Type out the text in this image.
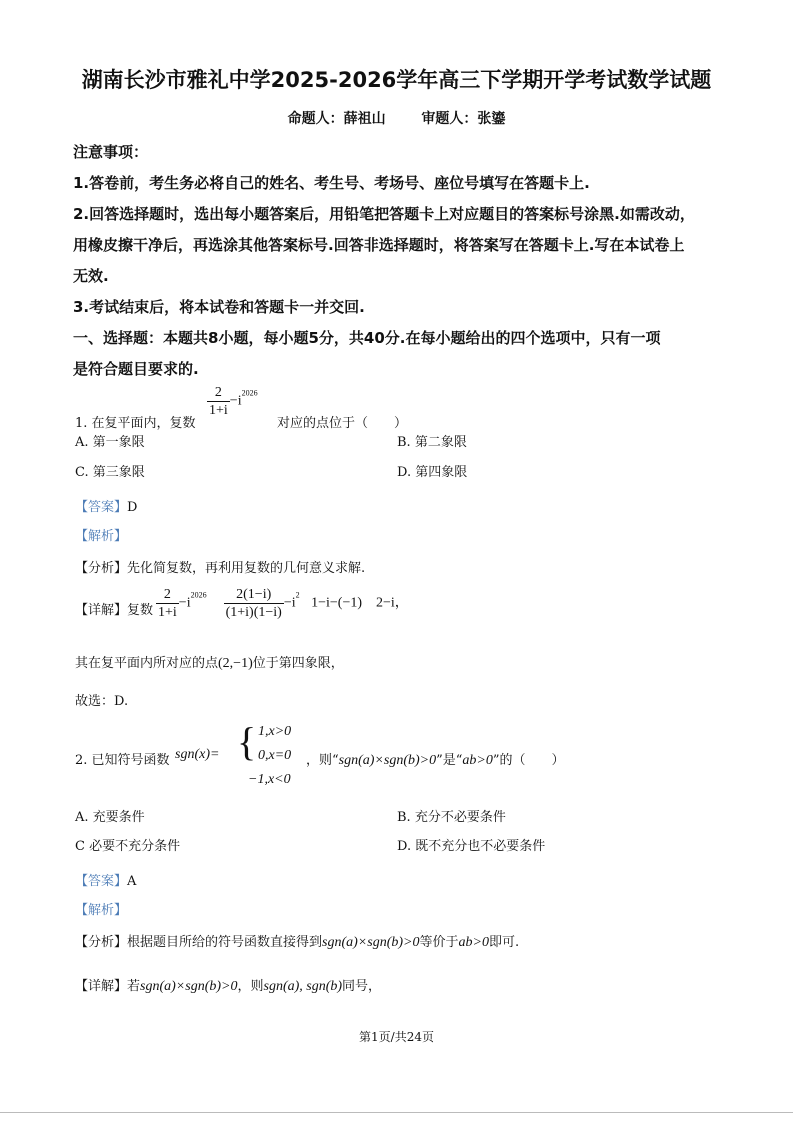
湖南长沙市雅礼中学2025-2026学年高三下学期开学考试数学试题
命题人：薛祖山	审题人：张鎏
注意事项：
1.答卷前，考生务必将自己的姓名、考生号、考场号、座位号填写在答题卡上.
2.回答选择题时，选出每小题答案后，用铅笔把答题卡上对应题目的答案标号涂黑.如需改动，
用橡皮擦干净后，再选涂其他答案标号.回答非选择题时，将答案写在答题卡上.写在本试卷上
无效.
3.考试结束后，将本试卷和答题卡一并交回.
一、选择题：本题共8小题，每小题5分，共40分.在每小题给出的四个选项中，只有一项
是符合题目要求的.
1. 在复平面内，复数
$\frac{2}{1+i} -i^{2026}$
对应的点位于（　　）
A. 第一象限	B. 第二象限
C. 第三象限	D. 第四象限
【答案】D
【解析】
【分析】先化简复数，再利用复数的几何意义求解.
【详解】 复数 $\frac{2}{1+i} -i^{2026} \frac{2(1-i)}{(1+i)(1-i)} -i^2$ 1−i−(−1)　2−i，
其在复平面内所对应的点(2,−1)位于第四象限，
故选：D.
2. 已知符号函数 sgn(x)= { 1,x>0
0,x=0
−1,x<0
，则“sgn(a)×sgn(b)>0”是“ab>0”的（　　）
A. 充要条件	B. 充分不必要条件
C 必要不充分条件	D. 既不充分也不必要条件
【答案】A
【解析】
【分析】根据题目所给的符号函数直接得到sgn(a)×sgn(b)>0等价于ab>0即可.
【详解】若sgn(a)×sgn(b)>0，则sgn(a), sgn(b)同号，
第1页/共24页
